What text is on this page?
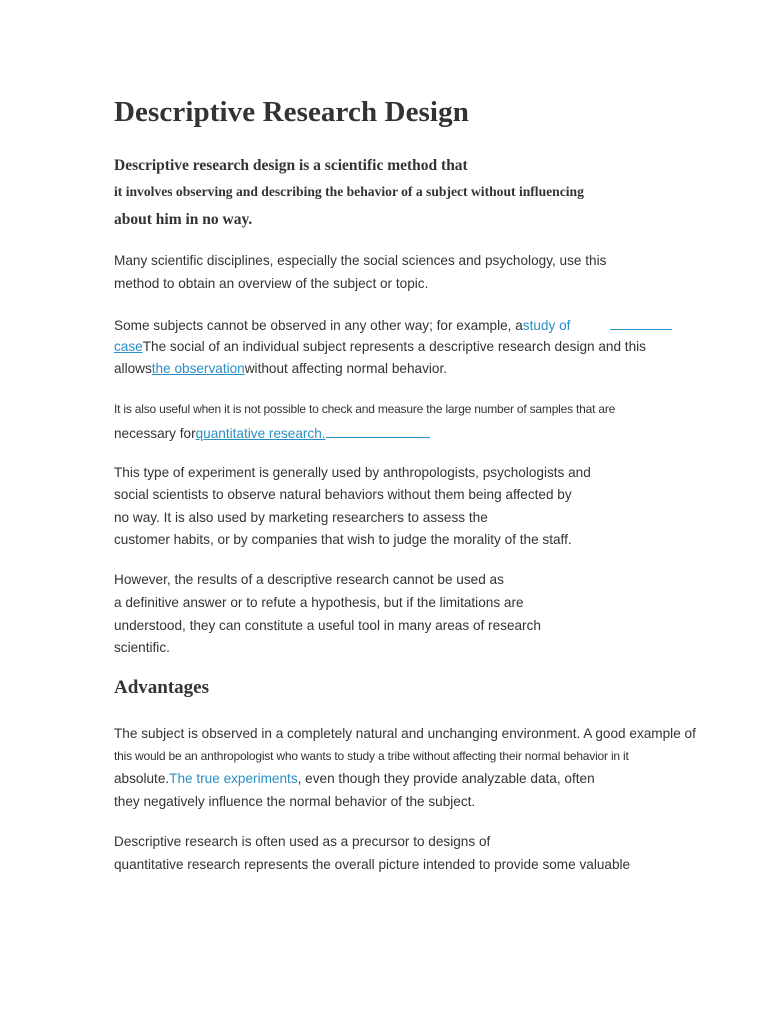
Descriptive Research Design
Descriptive research design is a scientific method that
it involves observing and describing the behavior of a subject without influencing
about him in no way.
Many scientific disciplines, especially the social sciences and psychology, use this
method to obtain an overview of the subject or topic.
Some subjects cannot be observed in any other way; for example, astudy of
caseThe social of an individual subject represents a descriptive research design and this
allowsthe observationwithout affecting normal behavior.
It is also useful when it is not possible to check and measure the large number of samples that are
necessary forquantitative research.
This type of experiment is generally used by anthropologists, psychologists and
social scientists to observe natural behaviors without them being affected by
no way. It is also used by marketing researchers to assess the
customer habits, or by companies that wish to judge the morality of the staff.
However, the results of a descriptive research cannot be used as
a definitive answer or to refute a hypothesis, but if the limitations are
understood, they can constitute a useful tool in many areas of research
scientific.
Advantages
The subject is observed in a completely natural and unchanging environment. A good example of
this would be an anthropologist who wants to study a tribe without affecting their normal behavior in it
absolute.The true experiments, even though they provide analyzable data, often
they negatively influence the normal behavior of the subject.
Descriptive research is often used as a precursor to designs of
quantitative research represents the overall picture intended to provide some valuable
